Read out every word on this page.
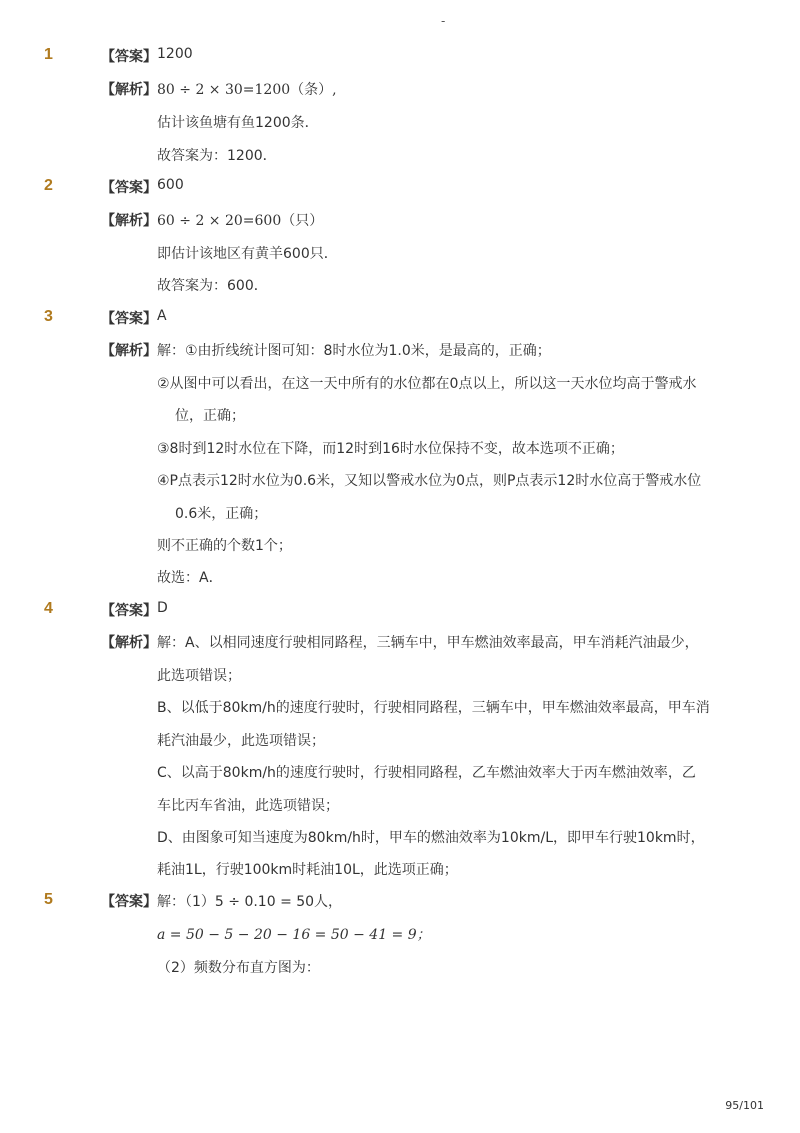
-
1	【答案】 1200
【解析】 80 ÷ 2 × 30=1200（条）,
估计该鱼塘有鱼1200条．
故答案为：1200．
2	【答案】 600
【解析】 60 ÷ 2 × 20=600（只）
即估计该地区有黄羊600只．
故答案为：600．
3	【答案】 A
【解析】 解：①由折线统计图可知：8时水位为1.0米，是最高的，正确；
②从图中可以看出，在这一天中所有的水位都在0点以上，所以这一天水位均高于警戒水
位，正确；
③8时到12时水位在下降，而12时到16时水位保持不变，故本选项不正确；
④P点表示12时水位为0.6米，又知以警戒水位为0点，则P点表示12时水位高于警戒水位
0.6米，正确；
则不正确的个数1个；
故选：A．
4	【答案】 D
【解析】 解：A、以相同速度行驶相同路程，三辆车中，甲车燃油效率最高，甲车消耗汽油最少，
此选项错误；
B、以低于80km/h的速度行驶时，行驶相同路程，三辆车中，甲车燃油效率最高，甲车消
耗汽油最少，此选项错误；
C、以高于80km/h的速度行驶时，行驶相同路程，乙车燃油效率大于丙车燃油效率，乙
车比丙车省油，此选项错误；
D、由图象可知当速度为80km/h时，甲车的燃油效率为10km/L，即甲车行驶10km时，
耗油1L，行驶100km时耗油10L，此选项正确；
5	【答案】 解：（1）5 ÷ 0.10 = 50人，
a = 50 − 5 − 20 − 16 = 50 − 41 = 9；
（2）频数分布直方图为：
95/101
